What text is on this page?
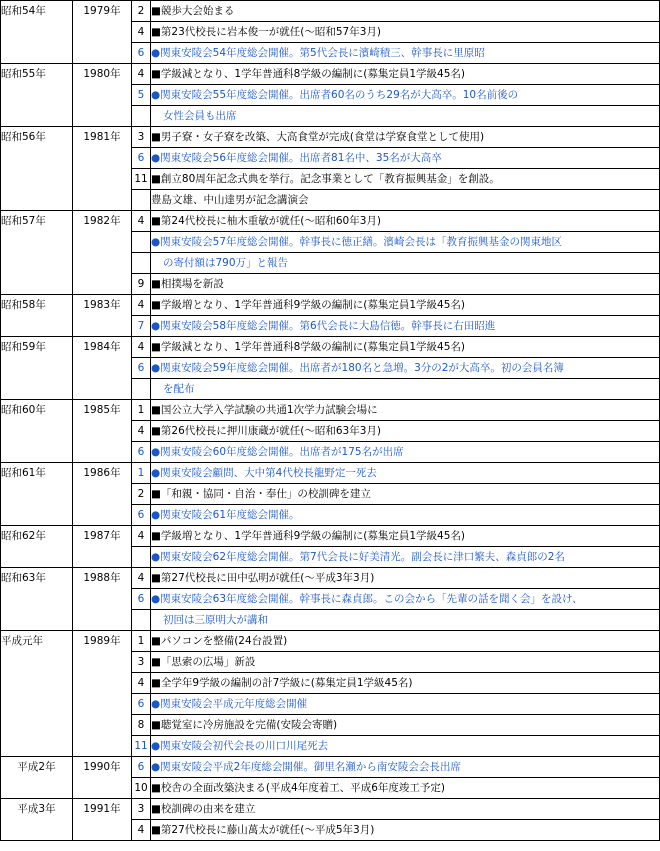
昭和54年	1979年	2	■競歩大会始まる
		4	■第23代校長に岩本俊一が就任(～昭和57年3月)
		6	●関東安陵会54年度総会開催。第5代会長に濱崎積三、幹事長に里原昭
昭和55年	1980年	4	■学級減となり、1学年普通科8学級の編制に(募集定員1学級45名)
		5	●関東安陵会55年度総会開催。出席者60名のうち29名が大高卒。10名前後の
			女性会員も出席
昭和56年	1981年	3	■男子寮・女子寮を改築、大高食堂が完成(食堂は学寮食堂として使用)
		6	●関東安陵会56年度総会開催。出席者81名中、35名が大高卒
		11	■創立80周年記念式典を挙行。記念事業として「教育振興基金」を創設。
			豊島文雄、中山達男が記念講演会
昭和57年	1982年	4	■第24代校長に柚木重敏が就任(～昭和60年3月)
			●関東安陵会57年度総会開催。幹事長に徳正繕。濱崎会長は「教育振興基金の関東地区
			の寄付額は790万」と報告
		9	■相撲場を新設
昭和58年	1983年	4	■学級増となり、1学年普通科9学級の編制に(募集定員1学級45名)
		7	●関東安陵会58年度総会開催。第6代会長に大島信徳。幹事長に右田昭進
昭和59年	1984年	4	■学級減となり、1学年普通科8学級の編制に(募集定員1学級45名)
		6	●関東安陵会59年度総会開催。出席者が180名と急増。3分の2が大高卒。初の会員名簿
			を配布
昭和60年	1985年	1	■国公立大学入学試験の共通1次学力試験会場に
		4	■第26代校長に押川康蔵が就任(～昭和63年3月)
		6	●関東安陵会60年度総会開催。出席者が175名が出席
昭和61年	1986年	1	●関東安陵会顧問、大中第4代校長龍野定一死去
		2	■「和親・協同・自治・奉仕」の校訓碑を建立
		6	●関東安陵会61年度総会開催。
昭和62年	1987年	4	■学級増となり、1学年普通科9学級の編制に(募集定員1学級45名)
			●関東安陵会62年度総会開催。第7代会長に好美清光。副会長に津口繁夫、森貞郎の2名
昭和63年	1988年	4	■第27代校長に田中弘明が就任(～平成3年3月)
		6	●関東安陵会63年度総会開催。幹事長に森貞郎。この会から「先輩の話を聞く会」を設け、
			初回は三原明大が講和
平成元年	1989年	1	■パソコンを整備(24台設置)
		3	■「思索の広場」新設
		4	■全学年9学級の編制の計7学級に(募集定員1学級45名)
		6	●関東安陵会平成元年度総会開催
		8	■聴覚室に冷房施設を完備(安陵会寄贈)
		11	●関東安陵会初代会長の川口川尾死去
平成2年	1990年	6	●関東安陵会平成2年度総会開催。御里名瀬から南安陵会会長出席
		10	■校舎の全面改築決まる(平成4年度着工、平成6年度竣工予定)
平成3年	1991年	3	■校訓碑の由来を建立
		4	■第27代校長に藤山萬太が就任(～平成5年3月)
